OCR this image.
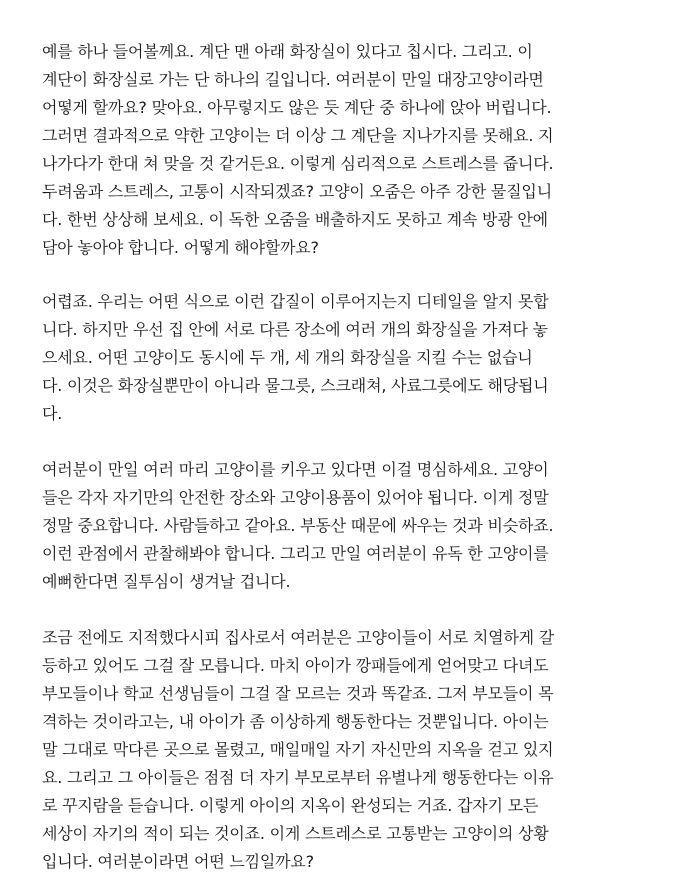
예를 하나 들어볼께요. 계단 맨 아래 화장실이 있다고 칩시다. 그리고. 이
계단이 화장실로 가는 단 하나의 길입니다. 여러분이 만일 대장고양이라면
어떻게 할까요? 맞아요. 아무렇지도 않은 듯 계단 중 하나에 앉아 버립니다.
그러면 결과적으로 약한 고양이는 더 이상 그 계단을 지나가지를 못해요. 지
나가다가 한대 쳐 맞을 것 같거든요. 이렇게 심리적으로 스트레스를 줍니다.
두려움과 스트레스, 고통이 시작되겠죠? 고양이 오줌은 아주 강한 물질입니
다. 한번 상상해 보세요. 이 독한 오줌을 배출하지도 못하고 계속 방광 안에
담아 놓아야 합니다. 어떻게 해야할까요?

어렵죠. 우리는 어떤 식으로 이런 갑질이 이루어지는지 디테일을 알지 못합
니다. 하지만 우선 집 안에 서로 다른 장소에 여러 개의 화장실을 가져다 놓
으세요. 어떤 고양이도 동시에 두 개, 세 개의 화장실을 지킬 수는 없습니
다. 이것은 화장실뿐만이 아니라 물그릇, 스크래쳐, 사료그릇에도 해당됩니
다.

여러분이 만일 여러 마리 고양이를 키우고 있다면 이걸 명심하세요. 고양이
들은 각자 자기만의 안전한 장소와 고양이용품이 있어야 됩니다. 이게 정말
정말 중요합니다. 사람들하고 같아요. 부동산 때문에 싸우는 것과 비슷하죠.
이런 관점에서 관찰해봐야 합니다. 그리고 만일 여러분이 유독 한 고양이를
예뻐한다면 질투심이 생겨날 겁니다.

조금 전에도 지적했다시피 집사로서 여러분은 고양이들이 서로 치열하게 갈
등하고 있어도 그걸 잘 모릅니다. 마치 아이가 깡패들에게 얻어맞고 다녀도
부모들이나 학교 선생님들이 그걸 잘 모르는 것과 똑같죠. 그저 부모들이 목
격하는 것이라고는, 내 아이가 좀 이상하게 행동한다는 것뿐입니다. 아이는
말 그대로 막다른 곳으로 몰렸고, 매일매일 자기 자신만의 지옥을 걷고 있지
요. 그리고 그 아이들은 점점 더 자기 부모로부터 유별나게 행동한다는 이유
로 꾸지람을 듣습니다. 이렇게 아이의 지옥이 완성되는 거죠. 갑자기 모든
세상이 자기의 적이 되는 것이죠. 이게 스트레스로 고통받는 고양이의 상황
입니다. 여러분이라면 어떤 느낌일까요?
